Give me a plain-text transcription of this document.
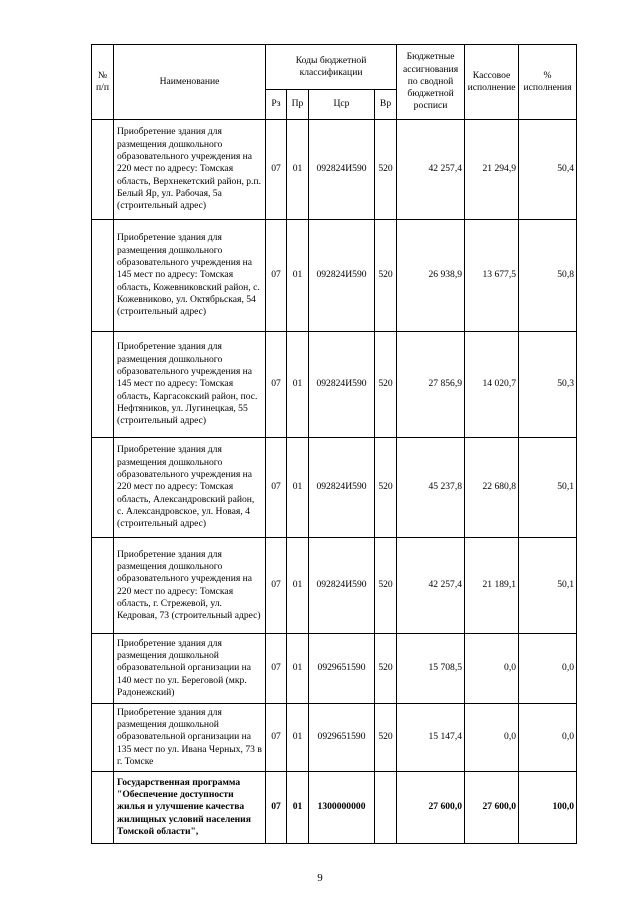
№ п/п	Наименование	Коды бюджетной классификации				Бюджетные ассигнования по сводной бюджетной росписи	Кассовое исполнение	% исполнения
		Рз	Пр	Цср	Вр			
	Приобретение здания для размещения дошкольного образовательного учреждения на 220 мест по адресу: Томская область, Верхнекетский район, р.п. Белый Яр, ул. Рабочая, 5а (строительный адрес)	07	01	092824И590	520	42 257,4	21 294,9	50,4
	Приобретение здания для размещения дошкольного образовательного учреждения на 145 мест по адресу: Томская область, Кожевниковский район, с. Кожевниково, ул. Октябрьская, 54 (строительный адрес)	07	01	092824И590	520	26 938,9	13 677,5	50,8
	Приобретение здания для размещения дошкольного образовательного учреждения на 145 мест по адресу: Томская область, Каргасокский район, пос. Нефтяников, ул. Лугинецкая, 55 (строительный адрес)	07	01	092824И590	520	27 856,9	14 020,7	50,3
	Приобретение здания для размещения дошкольного образовательного учреждения на 220 мест по адресу: Томская область, Александровский район, с. Александровское, ул. Новая, 4 (строительный адрес)	07	01	092824И590	520	45 237,8	22 680,8	50,1
	Приобретение здания для размещения дошкольного образовательного учреждения на 220 мест по адресу: Томская область, г. Стрежевой, ул. Кедровая, 73 (строительный адрес)	07	01	092824И590	520	42 257,4	21 189,1	50,1
	Приобретение здания для размещения дошкольной образовательной организации на 140 мест по ул. Береговой (мкр. Радонежский)	07	01	0929651590	520	15 708,5	0,0	0,0
	Приобретение здания для размещения дошкольной образовательной организации на 135 мест по ул. Ивана Черных, 73 в г. Томске	07	01	0929651590	520	15 147,4	0,0	0,0
	Государственная программа "Обеспечение доступности жилья и улучшение качества жилищных условий населения Томской области",	07	01	1300000000		27 600,0	27 600,0	100,0
9
